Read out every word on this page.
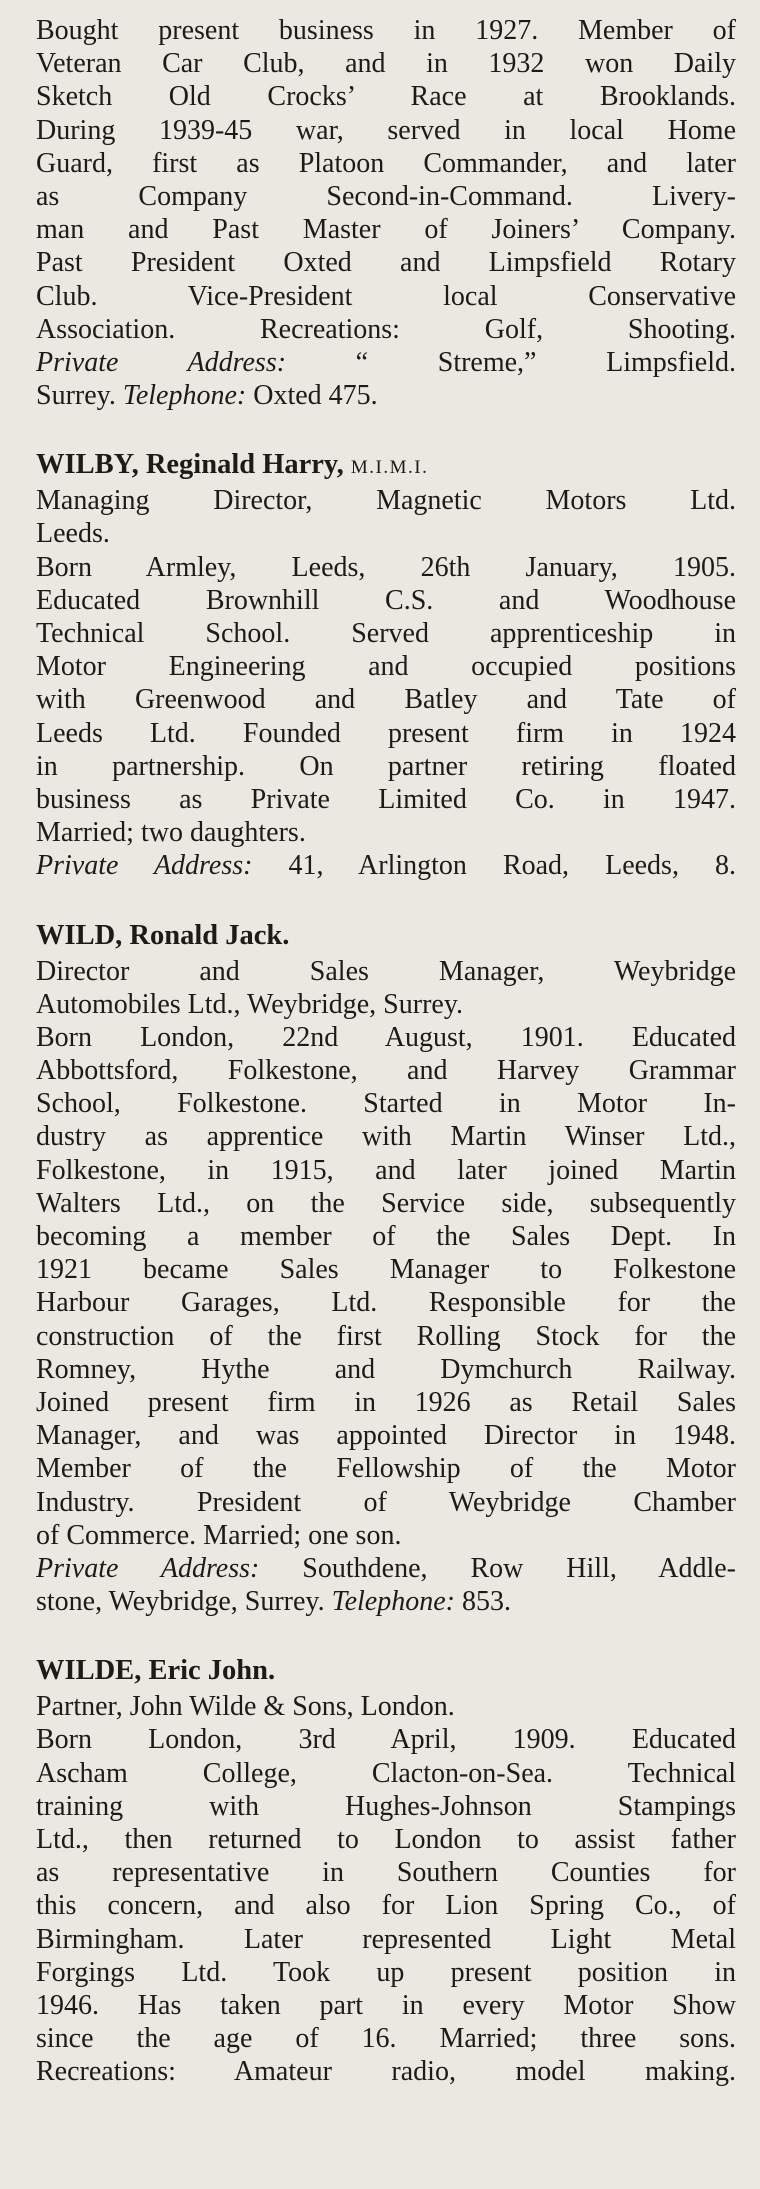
Bought present business in 1927. Member of
Veteran Car Club, and in 1932 won Daily
Sketch Old Crocks’ Race at Brooklands.
During 1939-45 war, served in local Home
Guard, first as Platoon Commander, and later
as Company Second-in-Command. Livery-
man and Past Master of Joiners’ Company.
Past President Oxted and Limpsfield Rotary
Club. Vice-President local Conservative
Association. Recreations: Golf, Shooting.
Private Address: “ Streme,” Limpsfield.
Surrey. Telephone: Oxted 475.
WILBY, Reginald Harry, M.I.M.I.
Managing Director, Magnetic Motors Ltd.
Leeds.
Born Armley, Leeds, 26th January, 1905.
Educated Brownhill C.S. and Woodhouse
Technical School. Served apprenticeship in
Motor Engineering and occupied positions
with Greenwood and Batley and Tate of
Leeds Ltd. Founded present firm in 1924
in partnership. On partner retiring floated
business as Private Limited Co. in 1947.
Married; two daughters.
Private Address: 41, Arlington Road, Leeds, 8.
WILD, Ronald Jack.
Director and Sales Manager, Weybridge
Automobiles Ltd., Weybridge, Surrey.
Born London, 22nd August, 1901. Educated
Abbottsford, Folkestone, and Harvey Grammar
School, Folkestone. Started in Motor In-
dustry as apprentice with Martin Winser Ltd.,
Folkestone, in 1915, and later joined Martin
Walters Ltd., on the Service side, subsequently
becoming a member of the Sales Dept. In
1921 became Sales Manager to Folkestone
Harbour Garages, Ltd. Responsible for the
construction of the first Rolling Stock for the
Romney, Hythe and Dymchurch Railway.
Joined present firm in 1926 as Retail Sales
Manager, and was appointed Director in 1948.
Member of the Fellowship of the Motor
Industry. President of Weybridge Chamber
of Commerce. Married; one son.
Private Address: Southdene, Row Hill, Addle-
stone, Weybridge, Surrey. Telephone: 853.
WILDE, Eric John.
Partner, John Wilde & Sons, London.
Born London, 3rd April, 1909. Educated
Ascham College, Clacton-on-Sea. Technical
training with Hughes-Johnson Stampings
Ltd., then returned to London to assist father
as representative in Southern Counties for
this concern, and also for Lion Spring Co., of
Birmingham. Later represented Light Metal
Forgings Ltd. Took up present position in
1946. Has taken part in every Motor Show
since the age of 16. Married; three sons.
Recreations: Amateur radio, model making.
